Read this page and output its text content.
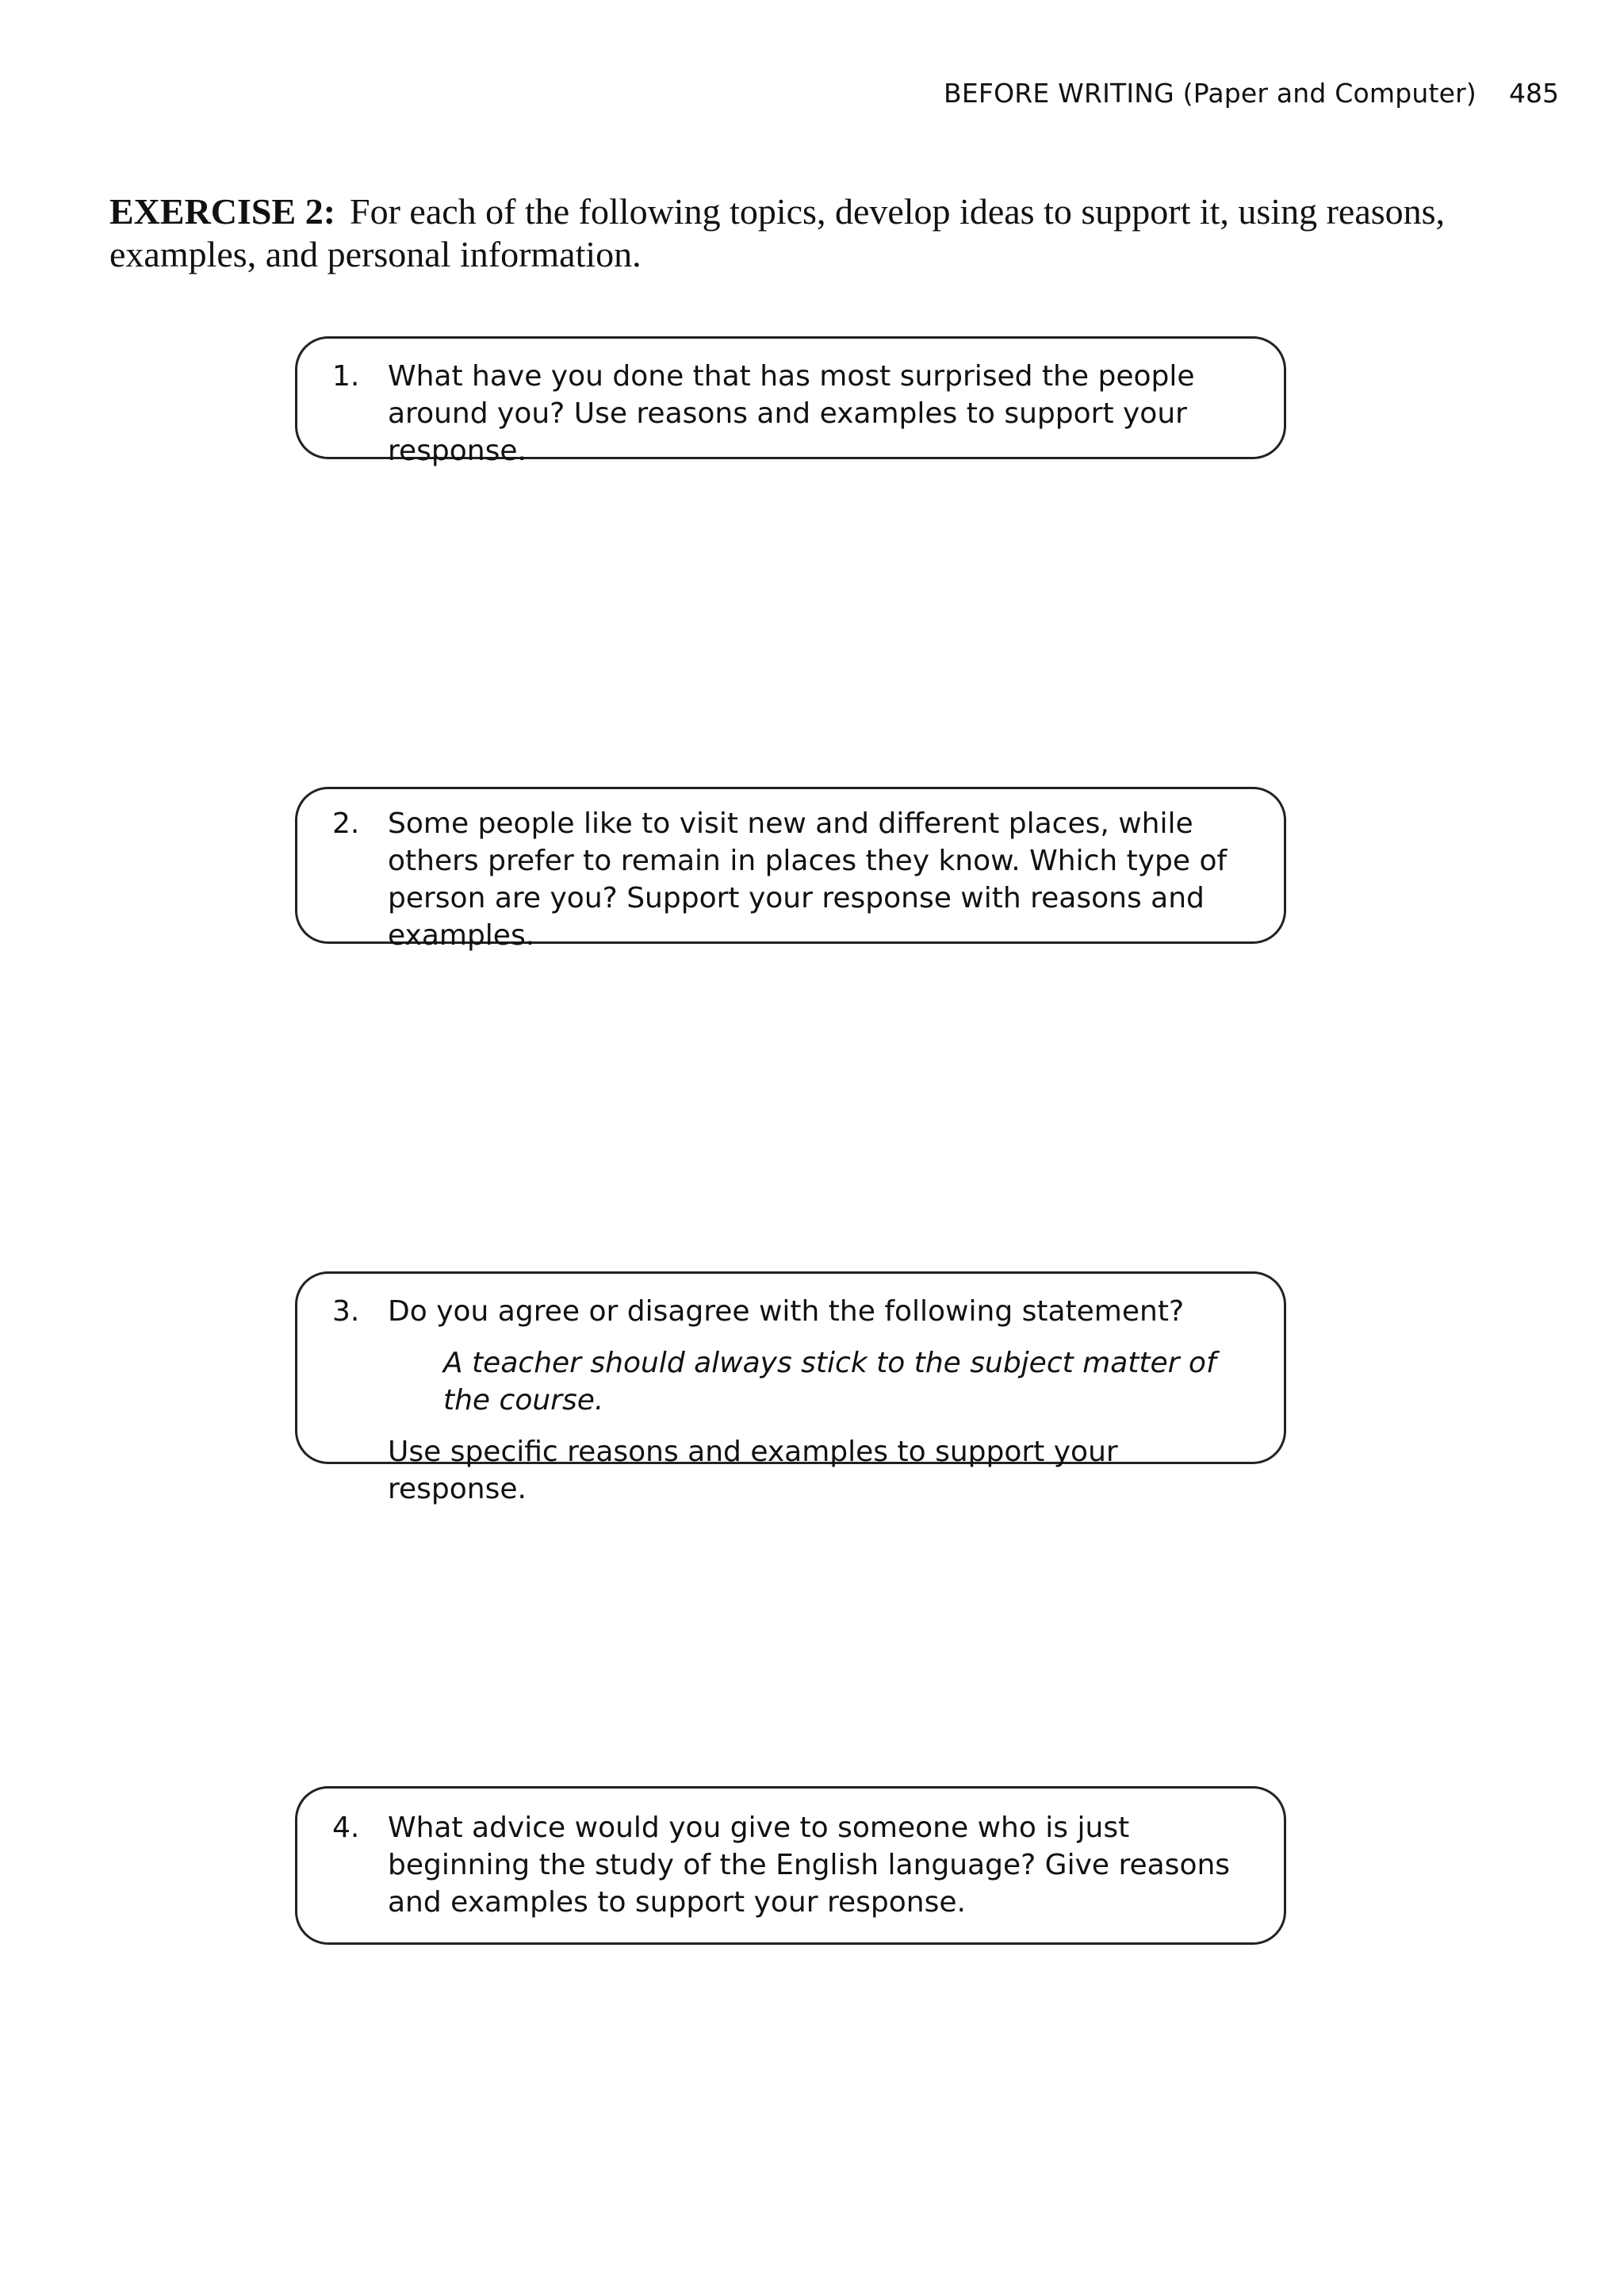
BEFORE WRITING (Paper and Computer) 485
EXERCISE 2: For each of the following topics, develop ideas to support it, using reasons, examples, and personal information.
1. What have you done that has most surprised the people around you? Use reasons and examples to support your response.
2. Some people like to visit new and different places, while others prefer to remain in places they know. Which type of person are you? Support your response with reasons and examples.
3. Do you agree or disagree with the following statement?
A teacher should always stick to the subject matter of the course.
Use specific reasons and examples to support your response.
4. What advice would you give to someone who is just beginning the study of the English language? Give reasons and examples to support your response.
